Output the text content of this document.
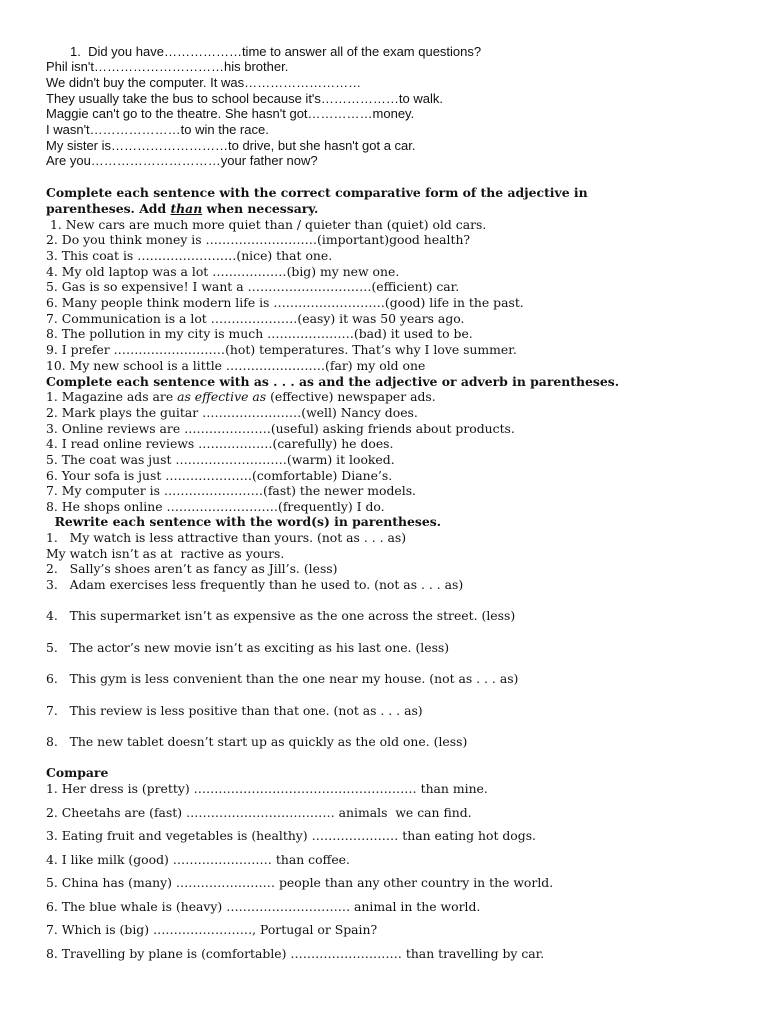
1.  Did you have………………time to answer all of the exam questions?
Phil isn't…………………………his brother.
We didn't buy the computer. It was………………………
They usually take the bus to school because it's………………to walk.
Maggie can't go to the theatre. She hasn't got……………money.
I wasn't…………………to win the race.
My sister is………………………to drive, but she hasn't got a car.
Are you…………………………your father now?
Complete each sentence with the correct comparative form of the adjective in
parentheses. Add than when necessary.
1. New cars are much more quiet than / quieter than (quiet) old cars.
2. Do you think money is ………………………(important)good health?
3. This coat is ……………………(nice) that one.
4. My old laptop was a lot ………………(big) my new one.
5. Gas is so expensive! I want a …………………………(efficient) car.
6. Many people think modern life is ………………………(good) life in the past.
7. Communication is a lot …………………(easy) it was 50 years ago.
8. The pollution in my city is much …………………(bad) it used to be.
9. I prefer ………………………(hot) temperatures. That’s why I love summer.
10. My new school is a little ……………………(far) my old one
Complete each sentence with as . . . as and the adjective or adverb in parentheses.
1. Magazine ads are as effective as (effective) newspaper ads.
2. Mark plays the guitar ……………………(well) Nancy does.
3. Online reviews are …………………(useful) asking friends about products.
4. I read online reviews ………………(carefully) he does.
5. The coat was just ………………………(warm) it looked.
6. Your sofa is just …………………(comfortable) Diane’s.
7. My computer is ……………………(fast) the newer models.
8. He shops online ………………………(frequently) I do.
Rewrite each sentence with the word(s) in parentheses.
1.   My watch is less attractive than yours. (not as . . . as)
My watch isn’t as at  ractive as yours.
2.   Sally’s shoes aren’t as fancy as Jill’s. (less)
3.   Adam exercises less frequently than he used to. (not as . . . as)
4.   This supermarket isn’t as expensive as the one across the street. (less)
5.   The actor’s new movie isn’t as exciting as his last one. (less)
6.   This gym is less convenient than the one near my house. (not as . . . as)
7.   This review is less positive than that one. (not as . . . as)
8.   The new tablet doesn’t start up as quickly as the old one. (less)
Compare
1. Her dress is (pretty) ……………………………………………… than mine.
2. Cheetahs are (fast) ……………………………… animals  we can find.
3. Eating fruit and vegetables is (healthy) ………………… than eating hot dogs.
4. I like milk (good) …………………… than coffee.
5. China has (many) …………………… people than any other country in the world.
6. The blue whale is (heavy) ………………………… animal in the world.
7. Which is (big) ……………………, Portugal or Spain?
8. Travelling by plane is (comfortable) ……………………… than travelling by car.
